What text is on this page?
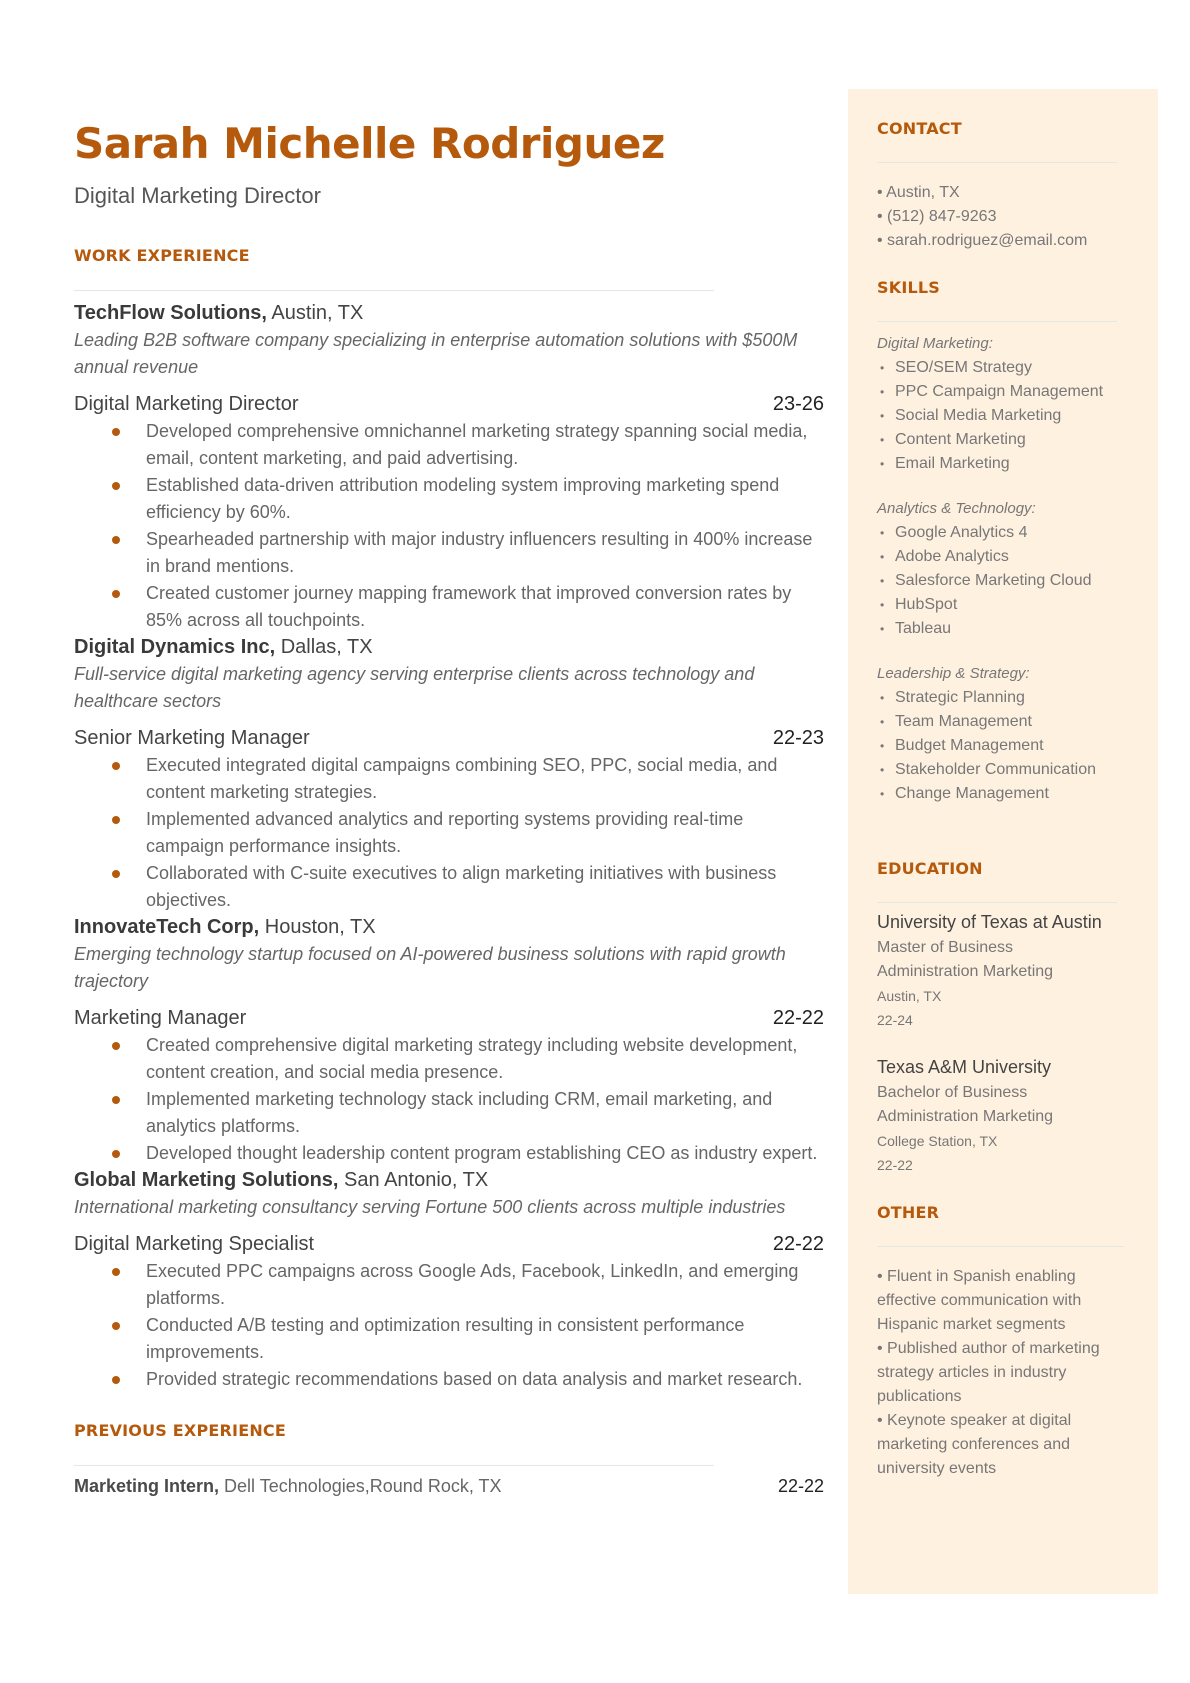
Sarah Michelle Rodriguez
Digital Marketing Director
WORK EXPERIENCE
TechFlow Solutions, Austin, TX
Leading B2B software company specializing in enterprise automation solutions with $500M annual revenue
Digital Marketing Director	23-26
Developed comprehensive omnichannel marketing strategy spanning social media, email, content marketing, and paid advertising.
Established data-driven attribution modeling system improving marketing spend efficiency by 60%.
Spearheaded partnership with major industry influencers resulting in 400% increase in brand mentions.
Created customer journey mapping framework that improved conversion rates by 85% across all touchpoints.
Digital Dynamics Inc, Dallas, TX
Full-service digital marketing agency serving enterprise clients across technology and healthcare sectors
Senior Marketing Manager	22-23
Executed integrated digital campaigns combining SEO, PPC, social media, and content marketing strategies.
Implemented advanced analytics and reporting systems providing real-time campaign performance insights.
Collaborated with C-suite executives to align marketing initiatives with business objectives.
InnovateTech Corp, Houston, TX
Emerging technology startup focused on AI-powered business solutions with rapid growth trajectory
Marketing Manager	22-22
Created comprehensive digital marketing strategy including website development, content creation, and social media presence.
Implemented marketing technology stack including CRM, email marketing, and analytics platforms.
Developed thought leadership content program establishing CEO as industry expert.
Global Marketing Solutions, San Antonio, TX
International marketing consultancy serving Fortune 500 clients across multiple industries
Digital Marketing Specialist	22-22
Executed PPC campaigns across Google Ads, Facebook, LinkedIn, and emerging platforms.
Conducted A/B testing and optimization resulting in consistent performance improvements.
Provided strategic recommendations based on data analysis and market research.
PREVIOUS EXPERIENCE
Marketing Intern, Dell Technologies,Round Rock, TX	22-22
CONTACT
• Austin, TX
• (512) 847-9263
• sarah.rodriguez@email.com
SKILLS
Digital Marketing:
• SEO/SEM Strategy
• PPC Campaign Management
• Social Media Marketing
• Content Marketing
• Email Marketing
Analytics & Technology:
• Google Analytics 4
• Adobe Analytics
• Salesforce Marketing Cloud
• HubSpot
• Tableau
Leadership & Strategy:
• Strategic Planning
• Team Management
• Budget Management
• Stakeholder Communication
• Change Management
EDUCATION
University of Texas at Austin
Master of Business Administration Marketing
Austin, TX
22-24
Texas A&M University
Bachelor of Business Administration Marketing
College Station, TX
22-22
OTHER
• Fluent in Spanish enabling effective communication with Hispanic market segments
• Published author of marketing strategy articles in industry publications
• Keynote speaker at digital marketing conferences and university events
